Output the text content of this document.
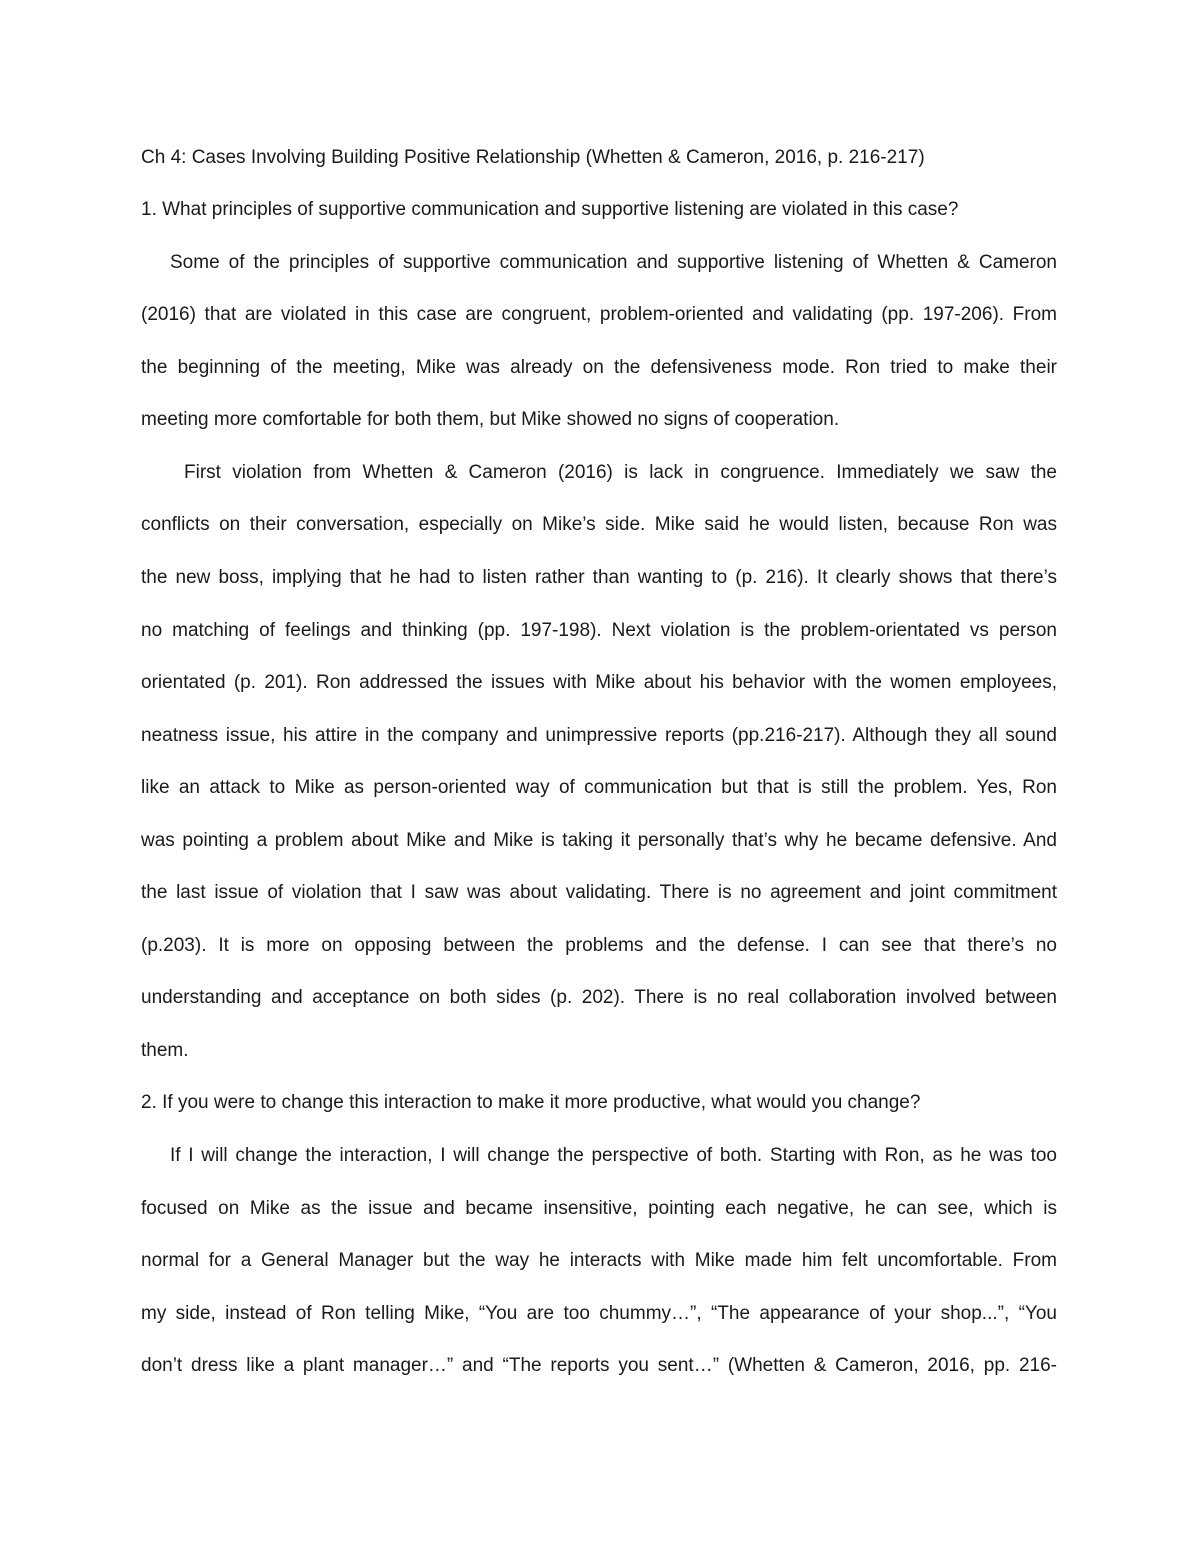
Ch 4: Cases Involving Building Positive Relationship (Whetten & Cameron, 2016, p. 216-217)
1. What principles of supportive communication and supportive listening are violated in this case?
Some of the principles of supportive communication and supportive listening of Whetten & Cameron
(2016) that are violated in this case are congruent, problem-oriented and validating (pp. 197-206). From
the beginning of the meeting, Mike was already on the defensiveness mode. Ron tried to make their
meeting more comfortable for both them, but Mike showed no signs of cooperation.
First violation from Whetten & Cameron (2016) is lack in congruence. Immediately we saw the
conflicts on their conversation, especially on Mike’s side. Mike said he would listen, because Ron was
the new boss, implying that he had to listen rather than wanting to (p. 216). It clearly shows that there’s
no matching of feelings and thinking (pp. 197-198). Next violation is the problem-orientated vs person
orientated (p. 201). Ron addressed the issues with Mike about his behavior with the women employees,
neatness issue, his attire in the company and unimpressive reports (pp.216-217). Although they all sound
like an attack to Mike as person-oriented way of communication but that is still the problem. Yes, Ron
was pointing a problem about Mike and Mike is taking it personally that’s why he became defensive. And
the last issue of violation that I saw was about validating. There is no agreement and joint commitment
(p.203). It is more on opposing between the problems and the defense. I can see that there’s no
understanding and acceptance on both sides (p. 202). There is no real collaboration involved between
them.
2. If you were to change this interaction to make it more productive, what would you change?
If I will change the interaction, I will change the perspective of both. Starting with Ron, as he was too
focused on Mike as the issue and became insensitive, pointing each negative, he can see, which is
normal for a General Manager but the way he interacts with Mike made him felt uncomfortable. From
my side, instead of Ron telling Mike, “You are too chummy…”, “The appearance of your shop...”, “You
don’t dress like a plant manager…” and “The reports you sent…” (Whetten & Cameron, 2016, pp. 216-
